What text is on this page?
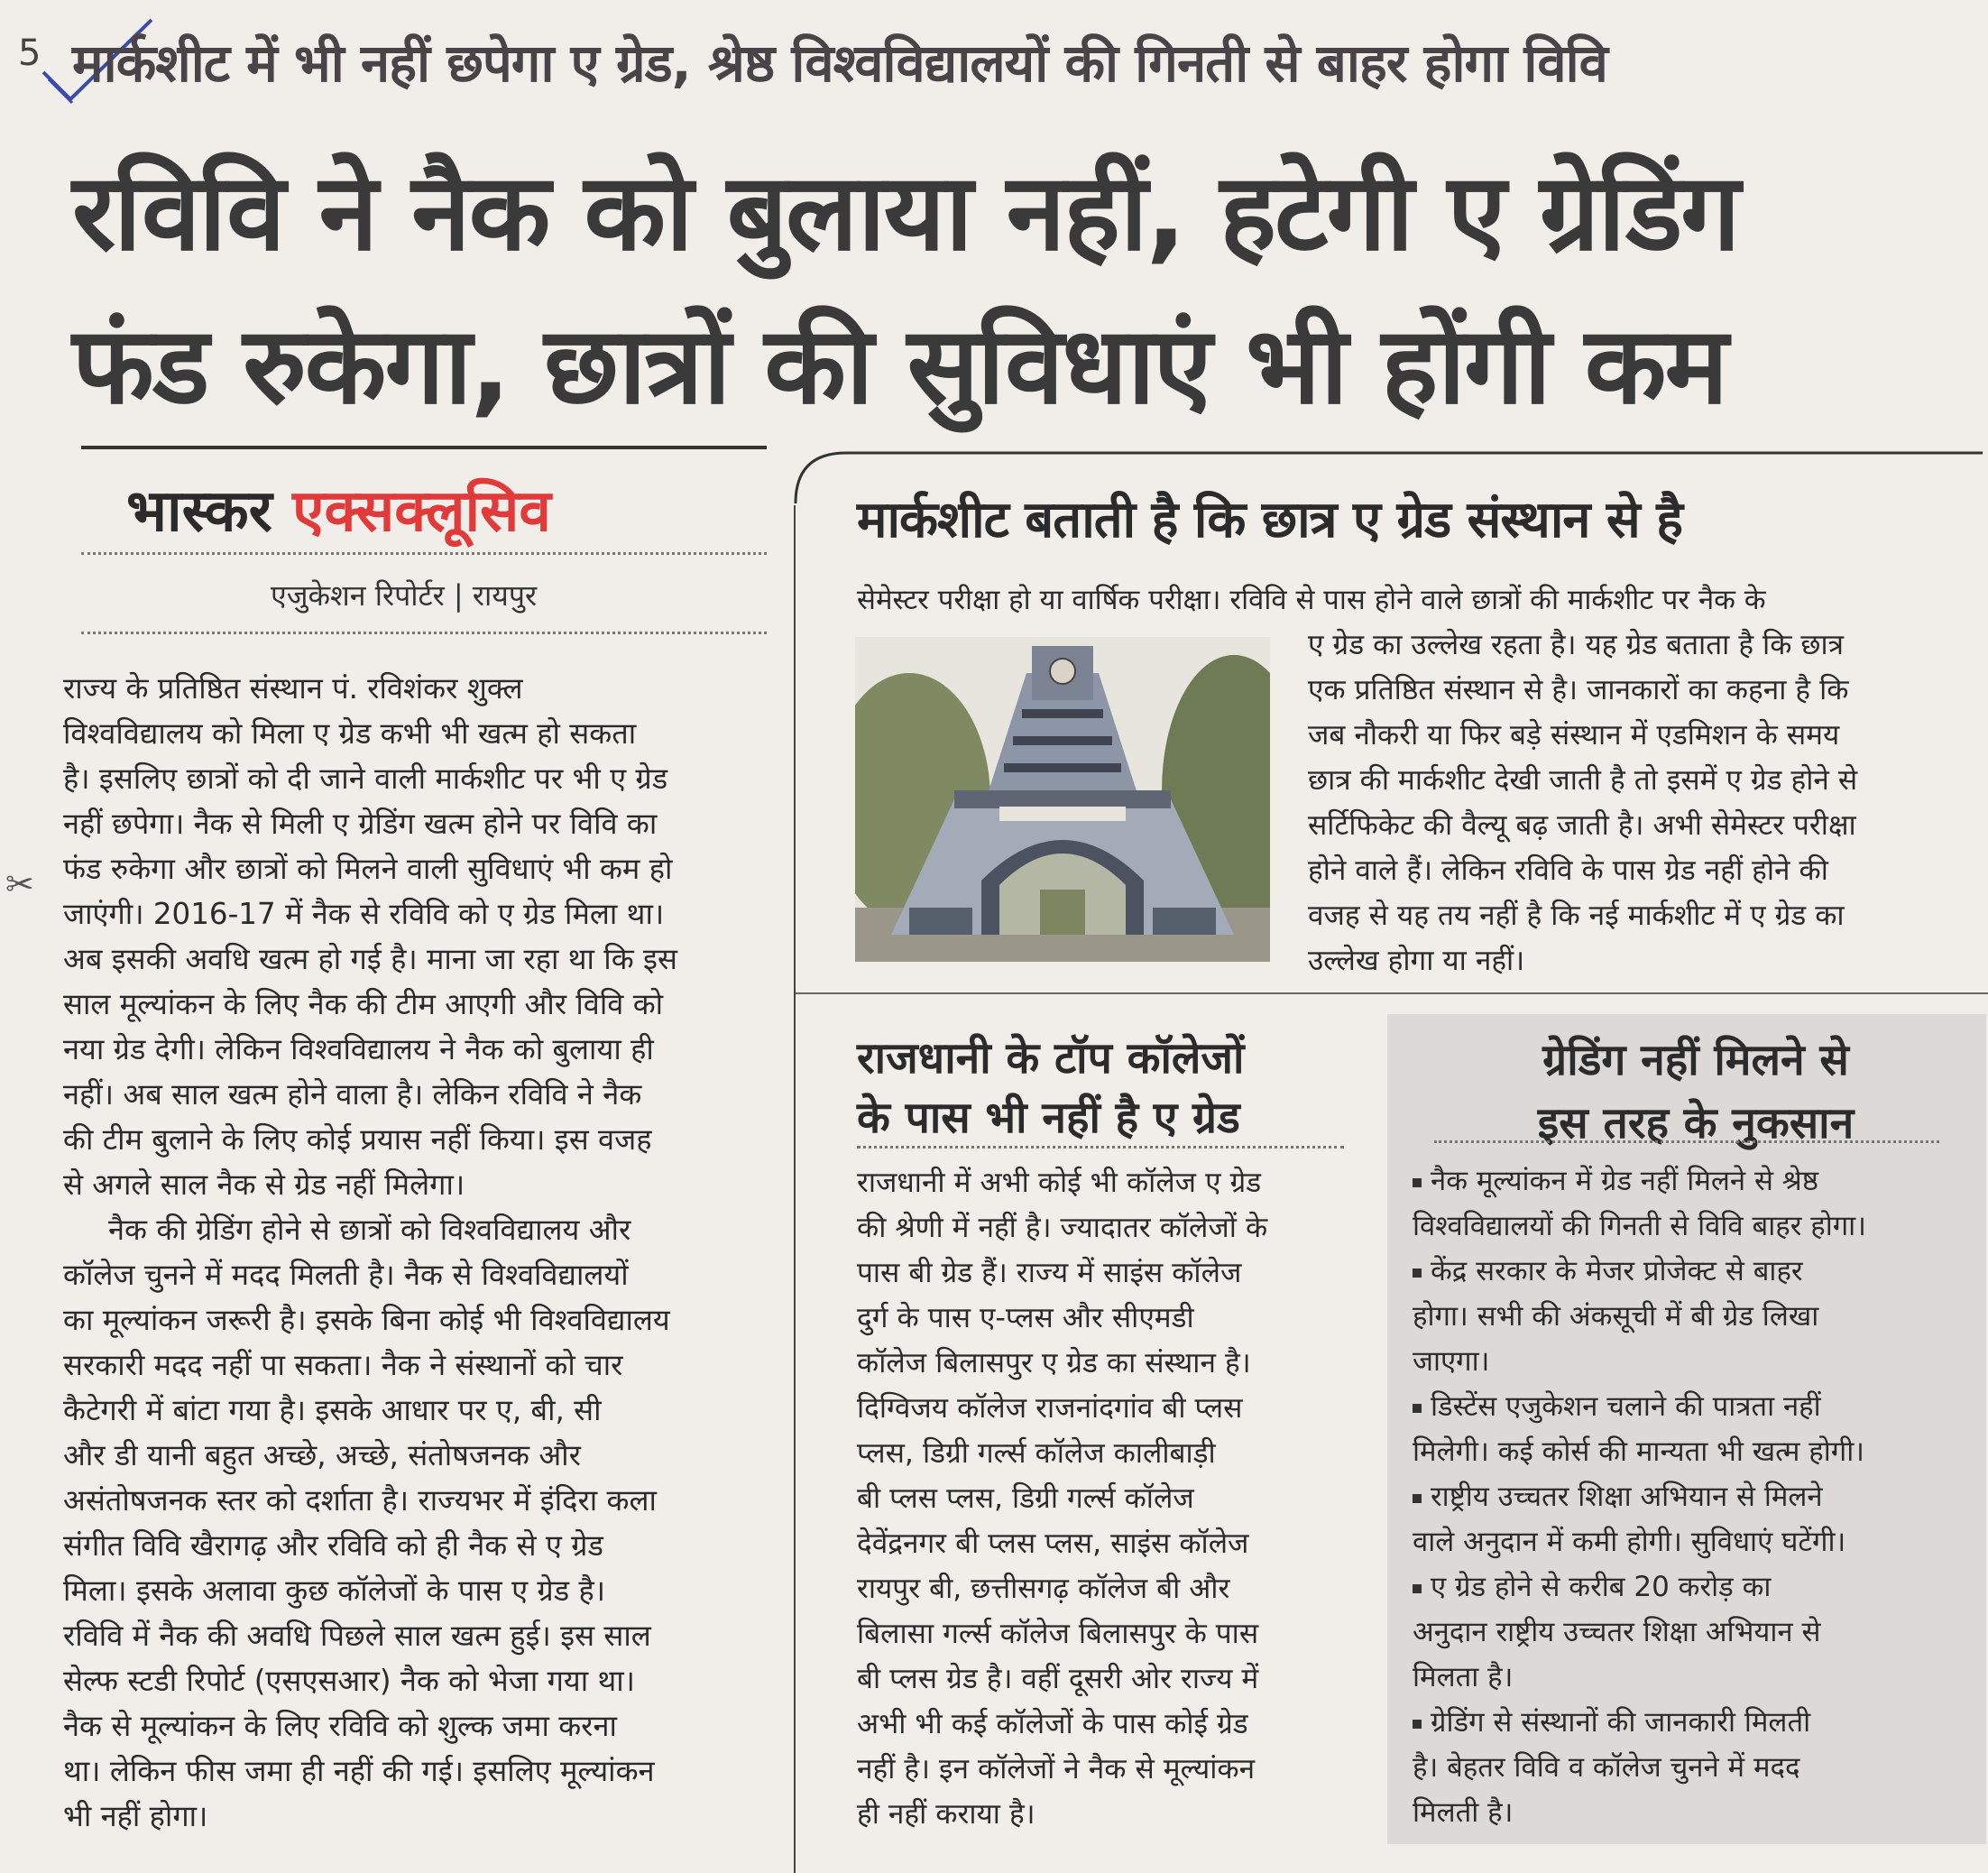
5
✂
मार्कशीट में भी नहीं छपेगा ए ग्रेड, श्रेष्ठ विश्वविद्यालयों की गिनती से बाहर होगा विवि
रविवि ने नैक को बुलाया नहीं, हटेगी ए ग्रेडिंग
फंड रुकेगा, छात्रों की सुविधाएं भी होंगी कम
भास्कर एक्सक्लूसिव
एजुकेशन रिपोर्टर | रायपुर
राज्य के प्रतिष्ठित संस्थान पं. रविशंकर शुक्ल
विश्वविद्यालय को मिला ए ग्रेड कभी भी खत्म हो सकता
है। इसलिए छात्रों को दी जाने वाली मार्कशीट पर भी ए ग्रेड
नहीं छपेगा। नैक से मिली ए ग्रेडिंग खत्म होने पर विवि का
फंड रुकेगा और छात्रों को मिलने वाली सुविधाएं भी कम हो
जाएंगी। 2016-17 में नैक से रविवि को ए ग्रेड मिला था।
अब इसकी अवधि खत्म हो गई है। माना जा रहा था कि इस
साल मूल्यांकन के लिए नैक की टीम आएगी और विवि को
नया ग्रेड देगी। लेकिन विश्वविद्यालय ने नैक को बुलाया ही
नहीं। अब साल खत्म होने वाला है। लेकिन रविवि ने नैक
की टीम बुलाने के लिए कोई प्रयास नहीं किया। इस वजह
से अगले साल नैक से ग्रेड नहीं मिलेगा।
नैक की ग्रेडिंग होने से छात्रों को विश्वविद्यालय और
कॉलेज चुनने में मदद मिलती है। नैक से विश्वविद्यालयों
का मूल्यांकन जरूरी है। इसके बिना कोई भी विश्वविद्यालय
सरकारी मदद नहीं पा सकता। नैक ने संस्थानों को चार
कैटेगरी में बांटा गया है। इसके आधार पर ए, बी, सी
और डी यानी बहुत अच्छे, अच्छे, संतोषजनक और
असंतोषजनक स्तर को दर्शाता है। राज्यभर में इंदिरा कला
संगीत विवि खैरागढ़ और रविवि को ही नैक से ए ग्रेड
मिला। इसके अलावा कुछ कॉलेजों के पास ए ग्रेड है।
रविवि में नैक की अवधि पिछले साल खत्म हुई। इस साल
सेल्फ स्टडी रिपोर्ट (एसएसआर) नैक को भेजा गया था।
नैक से मूल्यांकन के लिए रविवि को शुल्क जमा करना
था। लेकिन फीस जमा ही नहीं की गई। इसलिए मूल्यांकन
भी नहीं होगा।
मार्कशीट बताती है कि छात्र ए ग्रेड संस्थान से है
सेमेस्टर परीक्षा हो या वार्षिक परीक्षा। रविवि से पास होने वाले छात्रों की मार्कशीट पर नैक के
ए ग्रेड का उल्लेख रहता है। यह ग्रेड बताता है कि छात्र
एक प्रतिष्ठित संस्थान से है। जानकारों का कहना है कि
जब नौकरी या फिर बड़े संस्थान में एडमिशन के समय
छात्र की मार्कशीट देखी जाती है तो इसमें ए ग्रेड होने से
सर्टिफिकेट की वैल्यू बढ़ जाती है। अभी सेमेस्टर परीक्षा
होने वाले हैं। लेकिन रविवि के पास ग्रेड नहीं होने की
वजह से यह तय नहीं है कि नई मार्कशीट में ए ग्रेड का
उल्लेख होगा या नहीं।
राजधानी के टॉप कॉलेजों
के पास भी नहीं है ए ग्रेड
राजधानी में अभी कोई भी कॉलेज ए ग्रेड
की श्रेणी में नहीं है। ज्यादातर कॉलेजों के
पास बी ग्रेड हैं। राज्य में साइंस कॉलेज
दुर्ग के पास ए-प्लस और सीएमडी
कॉलेज बिलासपुर ए ग्रेड का संस्थान है।
दिग्विजय कॉलेज राजनांदगांव बी प्लस
प्लस, डिग्री गर्ल्स कॉलेज कालीबाड़ी
बी प्लस प्लस, डिग्री गर्ल्स कॉलेज
देवेंद्रनगर बी प्लस प्लस, साइंस कॉलेज
रायपुर बी, छत्तीसगढ़ कॉलेज बी और
बिलासा गर्ल्स कॉलेज बिलासपुर के पास
बी प्लस ग्रेड है। वहीं दूसरी ओर राज्य में
अभी भी कई कॉलेजों के पास कोई ग्रेड
नहीं है। इन कॉलेजों ने नैक से मूल्यांकन
ही नहीं कराया है।
ग्रेडिंग नहीं मिलने से
इस तरह के नुकसान
नैक मूल्यांकन में ग्रेड नहीं मिलने से श्रेष्ठ
विश्वविद्यालयों की गिनती से विवि बाहर होगा।
केंद्र सरकार के मेजर प्रोजेक्ट से बाहर
होगा। सभी की अंकसूची में बी ग्रेड लिखा
जाएगा।
डिस्टेंस एजुकेशन चलाने की पात्रता नहीं
मिलेगी। कई कोर्स की मान्यता भी खत्म होगी।
राष्ट्रीय उच्चतर शिक्षा अभियान से मिलने
वाले अनुदान में कमी होगी। सुविधाएं घटेंगी।
ए ग्रेड होने से करीब 20 करोड़ का
अनुदान राष्ट्रीय उच्चतर शिक्षा अभियान से
मिलता है।
ग्रेडिंग से संस्थानों की जानकारी मिलती
है। बेहतर विवि व कॉलेज चुनने में मदद
मिलती है।
